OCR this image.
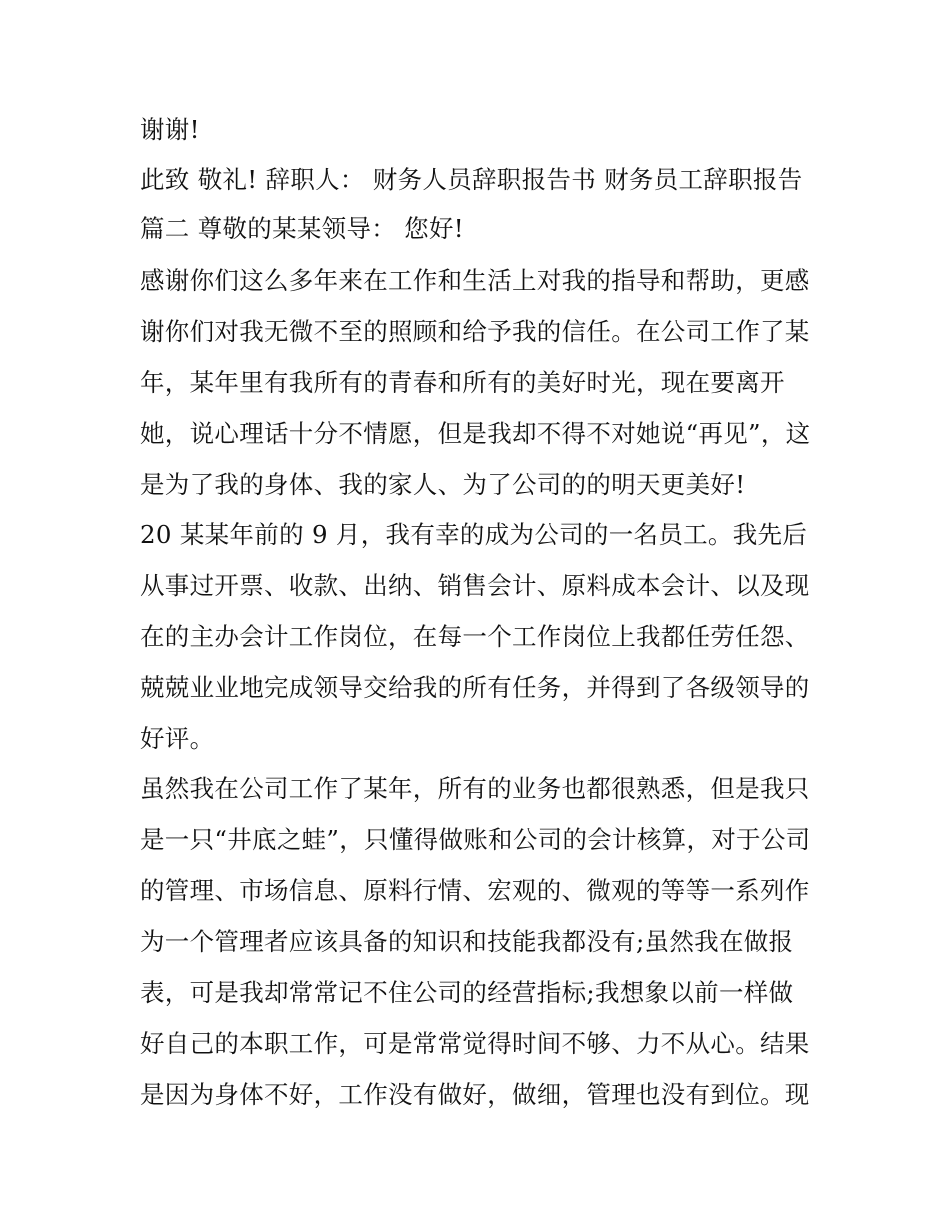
谢谢!
此致 敬礼! 辞职人： 财务人员辞职报告书 财务员工辞职报告
篇二 尊敬的某某领导： 您好!
感谢你们这么多年来在工作和生活上对我的指导和帮助，更感
谢你们对我无微不至的照顾和给予我的信任。在公司工作了某
年，某年里有我所有的青春和所有的美好时光，现在要离开
她，说心理话十分不情愿，但是我却不得不对她说“再见”，这
是为了我的身体、我的家人、为了公司的的明天更美好!
20 某某年前的 9 月，我有幸的成为公司的一名员工。我先后
从事过开票、收款、出纳、销售会计、原料成本会计、以及现
在的主办会计工作岗位，在每一个工作岗位上我都任劳任怨、
兢兢业业地完成领导交给我的所有任务，并得到了各级领导的
好评。
虽然我在公司工作了某年，所有的业务也都很熟悉，但是我只
是一只“井底之蛙”，只懂得做账和公司的会计核算，对于公司
的管理、市场信息、原料行情、宏观的、微观的等等一系列作
为一个管理者应该具备的知识和技能我都没有;虽然我在做报
表，可是我却常常记不住公司的经营指标;我想象以前一样做
好自己的本职工作，可是常常觉得时间不够、力不从心。结果
是因为身体不好，工作没有做好，做细，管理也没有到位。现
